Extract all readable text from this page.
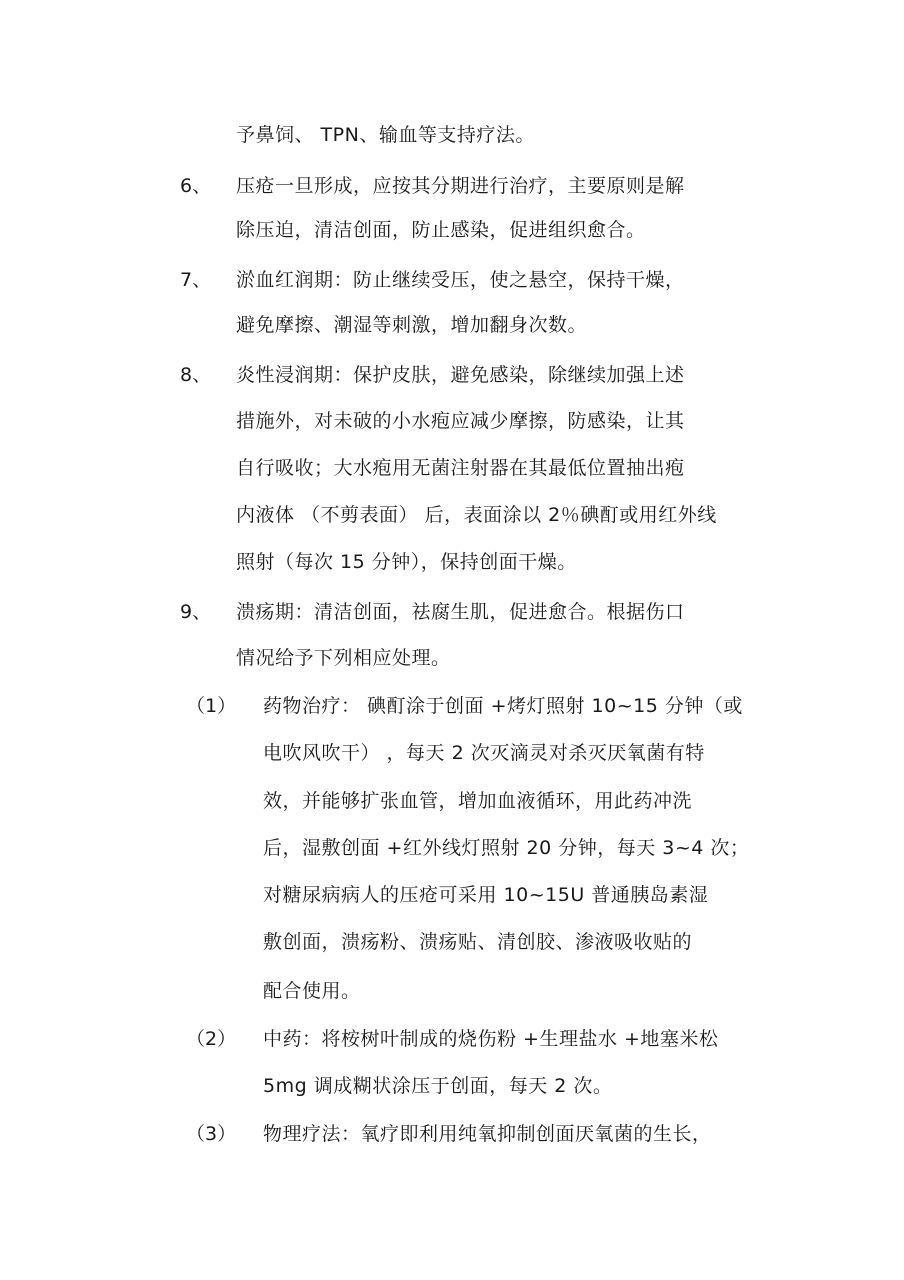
予鼻饲、 TPN、输血等支持疗法。
6、 压疮一旦形成，应按其分期进行治疗，主要原则是解
除压迫，清洁创面，防止感染，促进组织愈合。
7、 淤血红润期：防止继续受压，使之悬空，保持干燥，
避免摩擦、潮湿等刺激，增加翻身次数。
8、 炎性浸润期：保护皮肤，避免感染，除继续加强上述
措施外，对未破的小水疱应减少摩擦，防感染，让其
自行吸收；大水疱用无菌注射器在其最低位置抽出疱
内液体 （不剪表面） 后，表面涂以 2％碘酊或用红外线
照射（每次 15 分钟），保持创面干燥。
9、 溃疡期：清洁创面，祛腐生肌，促进愈合。根据伤口
情况给予下列相应处理。
（1） 药物治疗： 碘酊涂于创面 +烤灯照射 10~15 分钟（或
电吹风吹干） ，每天 2 次灭滴灵对杀灭厌氧菌有特
效，并能够扩张血管，增加血液循环，用此药冲洗
后，湿敷创面 +红外线灯照射 20 分钟，每天 3~4 次；
对糖尿病病人的压疮可采用 10~15U 普通胰岛素湿
敷创面，溃疡粉、溃疡贴、清创胶、渗液吸收贴的
配合使用。
（2） 中药：将桉树叶制成的烧伤粉 +生理盐水 +地塞米松
5mg 调成糊状涂压于创面，每天 2 次。
（3） 物理疗法：氧疗即利用纯氧抑制创面厌氧菌的生长，
